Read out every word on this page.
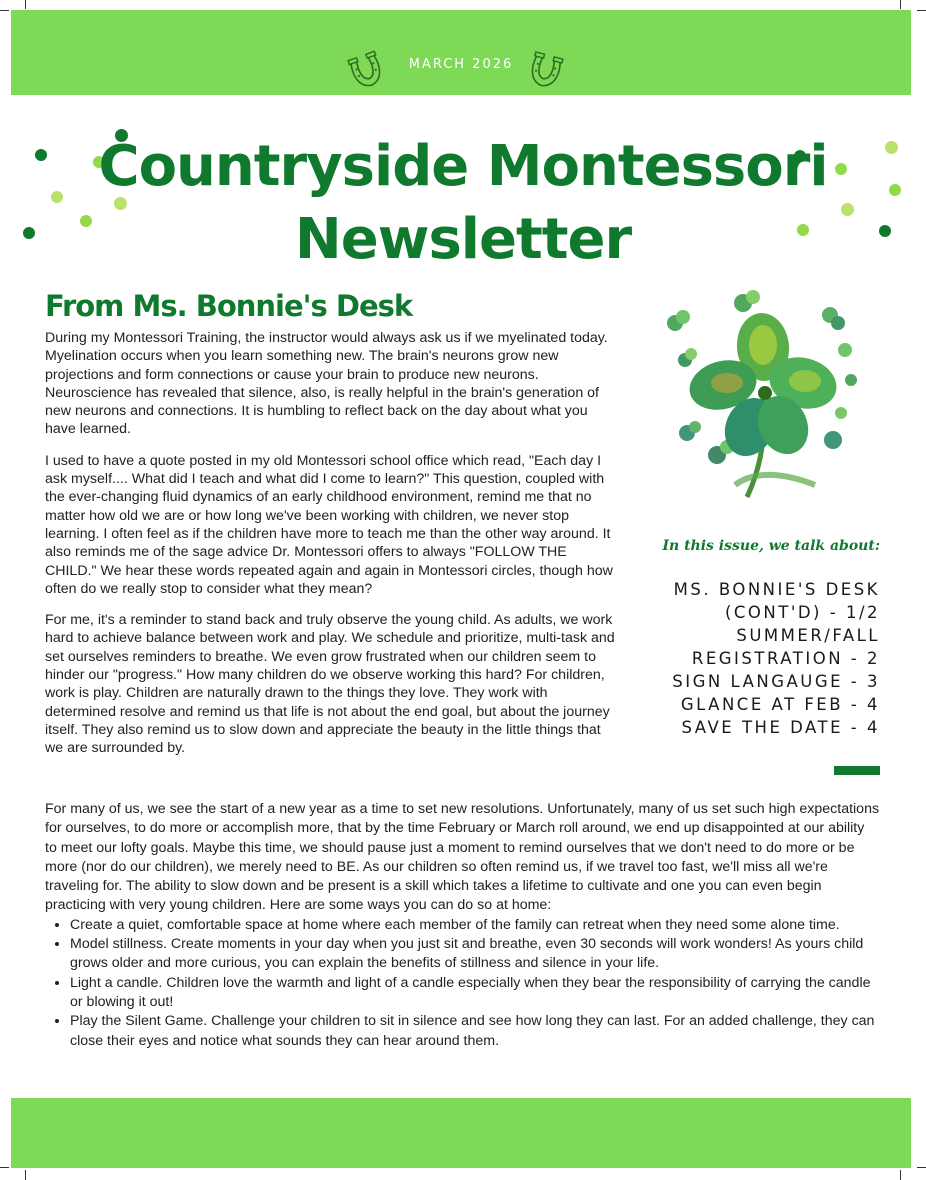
MARCH 2026
Countryside Montessori
Newsletter
From Ms. Bonnie's Desk

During my Montessori Training, the instructor would always ask us if we myelinated today. Myelination occurs when you learn something new. The brain's neurons grow new projections and form connections or cause your brain to produce new neurons. Neuroscience has revealed that silence, also, is really helpful in the brain's generation of new neurons and connections. It is humbling to reflect back on the day about what you have learned.

I used to have a quote posted in my old Montessori school office which read, "Each day I ask myself.... What did I teach and what did I come to learn?" This question, coupled with the ever-changing fluid dynamics of an early childhood environment, remind me that no matter how old we are or how long we've been working with children, we never stop learning. I often feel as if the children have more to teach me than the other way around. It also reminds me of the sage advice Dr. Montessori offers to always "FOLLOW THE CHILD." We hear these words repeated again and again in Montessori circles, though how often do we really stop to consider what they mean?

For me, it's a reminder to stand back and truly observe the young child. As adults, we work hard to achieve balance between work and play. We schedule and prioritize, multi-task and set ourselves reminders to breathe. We even grow frustrated when our children seem to hinder our "progress." How many children do we observe working this hard? For children, work is play. Children are naturally drawn to the things they love. They work with determined resolve and remind us that life is not about the end goal, but about the journey itself. They also remind us to slow down and appreciate the beauty in the little things that we are surrounded by.

In this issue, we talk about:
MS. BONNIE'S DESK
(CONT'D) - 1/2
SUMMER/FALL
REGISTRATION - 2
SIGN LANGAUGE - 3
GLANCE AT FEB - 4
SAVE THE DATE - 4

For many of us, we see the start of a new year as a time to set new resolutions. Unfortunately, many of us set such high expectations for ourselves, to do more or accomplish more, that by the time February or March roll around, we end up disappointed at our ability to meet our lofty goals. Maybe this time, we should pause just a moment to remind ourselves that we don't need to do more or be more (nor do our children), we merely need to BE. As our children so often remind us, if we travel too fast, we'll miss all we're traveling for. The ability to slow down and be present is a skill which takes a lifetime to cultivate and one you can even begin practicing with very young children. Here are some ways you can do so at home:

• Create a quiet, comfortable space at home where each member of the family can retreat when they need some alone time.
• Model stillness. Create moments in your day when you just sit and breathe, even 30 seconds will work wonders! As yours child grows older and more curious, you can explain the benefits of stillness and silence in your life.
• Light a candle. Children love the warmth and light of a candle especially when they bear the responsibility of carrying the candle or blowing it out!
• Play the Silent Game. Challenge your children to sit in silence and see how long they can last. For an added challenge, they can close their eyes and notice what sounds they can hear around them.
